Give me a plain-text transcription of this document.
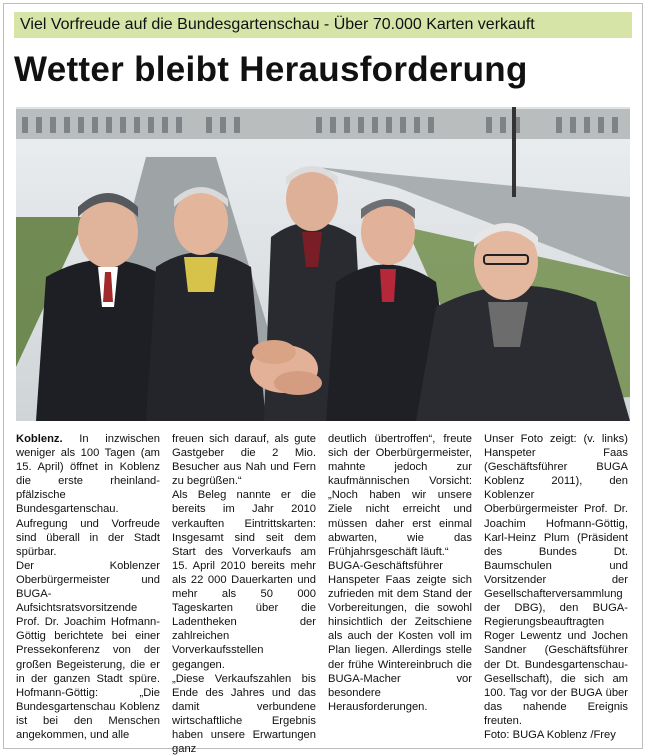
Viel Vorfreude auf die Bundesgartenschau - Über 70.000 Karten verkauft
Wetter bleibt Herausforderung

Koblenz. In inzwischen weniger als 100 Tagen (am 15. April) öffnet in Koblenz die erste rheinland-pfälzische Bundesgartenschau. Aufregung und Vorfreude sind überall in der Stadt spürbar.

Der Koblenzer Oberbürgermeister und BUGA-Aufsichtsratsvorsitzende Prof. Dr. Joachim Hofmann-Göttig berichtete bei einer Pressekonferenz von der großen Begeisterung, die er in der ganzen Stadt spüre. Hofmann-Göttig: „Die Bundesgartenschau Koblenz ist bei den Menschen angekommen, und alle

freuen sich darauf, als gute Gastgeber die 2 Mio. Besucher aus Nah und Fern zu begrüßen.“

Als Beleg nannte er die bereits im Jahr 2010 verkauften Eintrittskarten: Insgesamt sind seit dem Start des Vorverkaufs am 15. April 2010 bereits mehr als 22 000 Dauerkarten und mehr als 50 000 Tageskarten über die Ladentheken der zahlreichen Vorverkaufsstellen gegangen.

„Diese Verkaufszahlen bis Ende des Jahres und das damit verbundene wirtschaftliche Ergebnis haben unsere Erwartungen ganz

deutlich übertroffen“, freute sich der Oberbürgermeister, mahnte jedoch zur kaufmännischen Vorsicht: „Noch haben wir unsere Ziele nicht erreicht und müssen daher erst einmal abwarten, wie das Frühjahrsgeschäft läuft.“

BUGA-Geschäftsführer Hanspeter Faas zeigte sich zufrieden mit dem Stand der Vorbereitungen, die sowohl hinsichtlich der Zeitschiene als auch der Kosten voll im Plan liegen. Allerdings stelle der frühe Wintereinbruch die BUGA-Macher vor besondere Herausforderungen.

Unser Foto zeigt: (v. links) Hanspeter Faas (Geschäftsführer BUGA Koblenz 2011), den Koblenzer Oberbürgermeister Prof. Dr. Joachim Hofmann-Göttig, Karl-Heinz Plum (Präsident des Bundes Dt. Baumschulen und Vorsitzender der Gesellschafterversammlung der DBG), den BUGA-Regierungsbeauftragten Roger Lewentz und Jochen Sandner (Geschäftsführer der Dt. Bundesgartenschau-Gesellschaft), die sich am 100. Tag vor der BUGA über das nahende Ereignis freuten.

Foto: BUGA Koblenz /Frey
